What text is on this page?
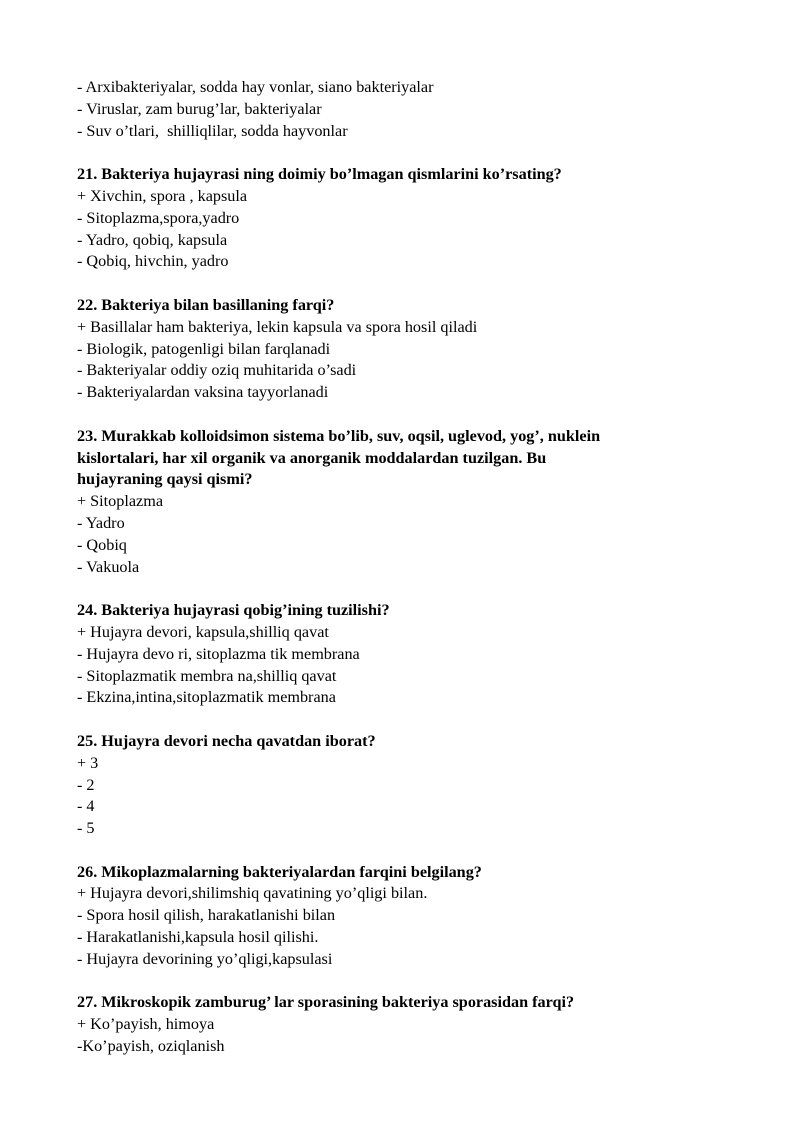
- Arxibakteriyalar, sodda hay vonlar, siano bakteriyalar
- Viruslar, zam burug’lar, bakteriyalar
- Suv o’tlari,  shilliqlilar, sodda hayvonlar
21. Bakteriya hujayrasi ning doimiy bo’lmagan qismlarini ko’rsating?
+ Xivchin, spora , kapsula
- Sitoplazma,spora,yadro
- Yadro, qobiq, kapsula
- Qobiq, hivchin, yadro
22. Bakteriya bilan basillaning farqi?
+ Basillalar ham bakteriya, lekin kapsula va spora hosil qiladi
- Biologik, patogenligi bilan farqlanadi
- Bakteriyalar oddiy oziq muhitarida o’sadi
- Bakteriyalardan vaksina tayyorlanadi
23. Murakkab kolloidsimon sistema bo’lib, suv, oqsil, uglevod, yog’, nuklein
kislortalari, har xil organik va anorganik moddalardan tuzilgan. Bu
hujayraning qaysi qismi?
+ Sitoplazma
- Yadro
- Qobiq
- Vakuola
24. Bakteriya hujayrasi qobig’ining tuzilishi?
+ Hujayra devori, kapsula,shilliq qavat
- Hujayra devo ri, sitoplazma tik membrana
- Sitoplazmatik membra na,shilliq qavat
- Ekzina,intina,sitoplazmatik membrana
25. Hujayra devori necha qavatdan iborat?
+ 3
- 2
- 4
- 5
26. Mikoplazmalarning bakteriyalardan farqini belgilang?
+ Hujayra devori,shilimshiq qavatining yo’qligi bilan.
- Spora hosil qilish, harakatlanishi bilan
- Harakatlanishi,kapsula hosil qilishi.
- Hujayra devorining yo’qligi,kapsulasi
27. Mikroskopik zamburug’ lar sporasining bakteriya sporasidan farqi?
+ Ko’payish, himoya
-Ko’payish, oziqlanish
